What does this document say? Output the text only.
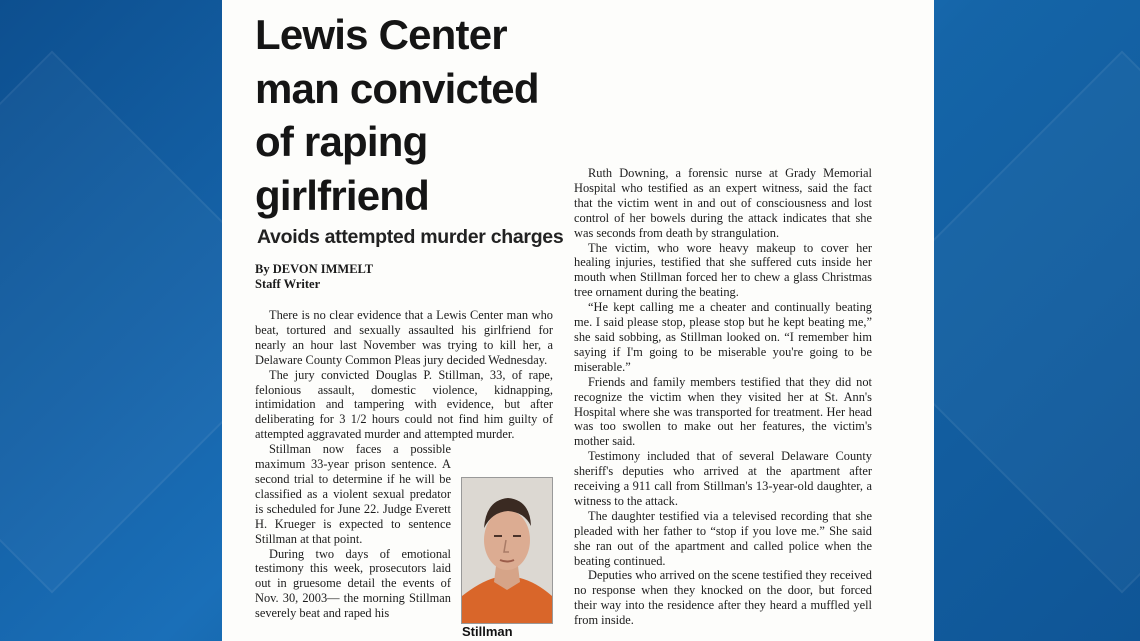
Lewis Center
man convicted
of raping
girlfriend
Avoids attempted murder charges
By DEVON IMMELT
Staff Writer

There is no clear evidence that a Lewis Center man who beat, tortured and sexually assaulted his girlfriend for nearly an hour last November was trying to kill her, a Delaware County Common Pleas jury decided Wednesday.

The jury convicted Douglas P. Stillman, 33, of rape, felonious assault, domestic violence, kidnapping, intimidation and tampering with evidence, but after deliberating for 3 1/2 hours could not find him guilty of attempted aggravated murder and attempted murder.

Stillman now faces a possible maximum 33-year prison sentence. A second trial to determine if he will be classified as a violent sexual predator is scheduled for June 22. Judge Everett H. Krueger is expected to sentence Stillman at that point.

During two days of emotional testimony this week, prosecutors laid out in gruesome detail the events of Nov. 30, 2003— the morning Stillman severely beat and raped his

Stillman

Ruth Downing, a forensic nurse at Grady Memorial Hospital who testified as an expert witness, said the fact that the victim went in and out of consciousness and lost control of her bowels during the attack indicates that she was seconds from death by strangulation.

The victim, who wore heavy makeup to cover her healing injuries, testified that she suffered cuts inside her mouth when Stillman forced her to chew a glass Christmas tree ornament during the beating.

“He kept calling me a cheater and continually beating me. I said please stop, please stop but he kept beating me,” she said sobbing, as Stillman looked on. “I remember him saying if I'm going to be miserable you're going to be miserable.”

Friends and family members testified that they did not recognize the victim when they visited her at St. Ann's Hospital where she was transported for treatment. Her head was too swollen to make out her features, the victim's mother said.

Testimony included that of several Delaware County sheriff's deputies who arrived at the apartment after receiving a 911 call from Stillman's 13-year-old daughter, a witness to the attack.

The daughter testified via a televised recording that she pleaded with her father to “stop if you love me.” She said she ran out of the apartment and called police when the beating continued.

Deputies who arrived on the scene testified they received no response when they knocked on the door, but forced their way into the residence after they heard a muffled yell from inside.
